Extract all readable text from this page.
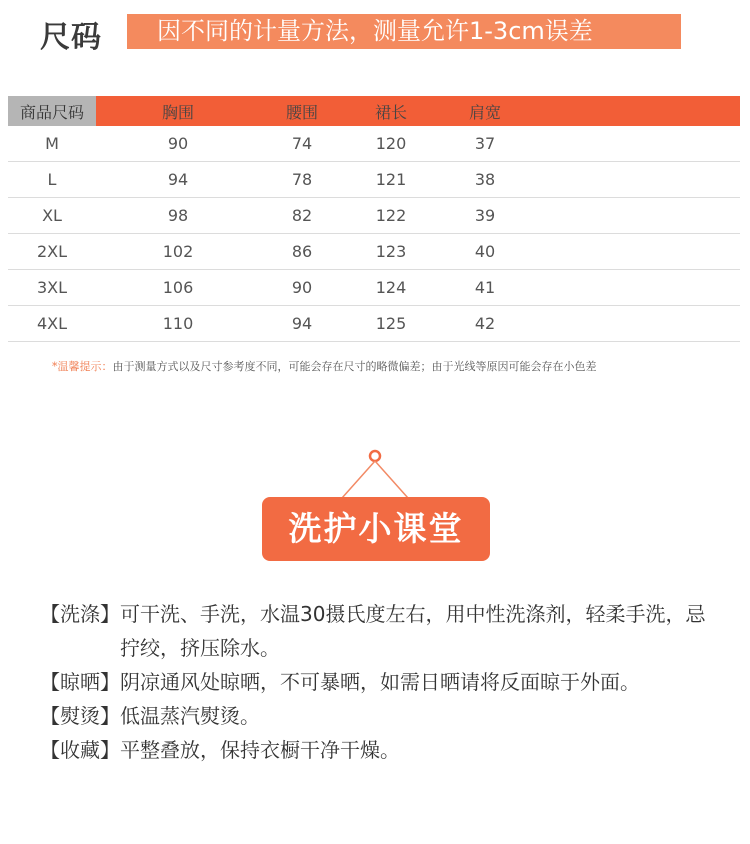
尺码	因不同的计量方法，测量允许1-3cm误差
商品尺码	胸围	腰围	裙长	肩宽	
M	90	74	120	37	
L	94	78	121	38	
XL	98	82	122	39	
2XL	102	86	123	40	
3XL	106	90	124	41	
4XL	110	94	125	42	
*温馨提示：由于测量方式以及尺寸参考度不同，可能会存在尺寸的略微偏差；由于光线等原因可能会存在小色差
洗护小课堂
【洗涤】 可干洗、手洗，水温30摄氏度左右，用中性洗涤剂，轻柔手洗，忌拧绞，挤压除水。
【晾晒】 阴凉通风处晾晒，不可暴晒，如需日晒请将反面晾于外面。
【熨烫】 低温蒸汽熨烫。
【收藏】 平整叠放，保持衣橱干净干燥。
